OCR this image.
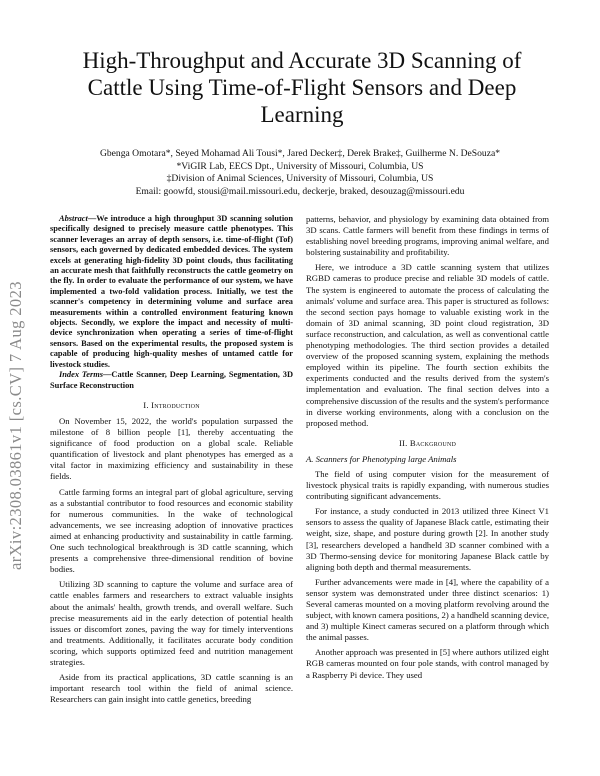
arXiv:2308.03861v1 [cs.CV] 7 Aug 2023
High-Throughput and Accurate 3D Scanning of Cattle Using Time-of-Flight Sensors and Deep Learning
Gbenga Omotara*, Seyed Mohamad Ali Tousi*, Jared Decker‡, Derek Brake‡, Guilherme N. DeSouza*
*ViGIR Lab, EECS Dpt., University of Missouri, Columbia, US
‡Division of Animal Sciences, University of Missouri, Columbia, US
Email: goowfd, stousi@mail.missouri.edu, deckerje, braked, desouzag@missouri.edu

Abstract—We introduce a high throughput 3D scanning solution specifically designed to precisely measure cattle phenotypes. This scanner leverages an array of depth sensors, i.e. time-of-flight (Tof) sensors, each governed by dedicated embedded devices. The system excels at generating high-fidelity 3D point clouds, thus facilitating an accurate mesh that faithfully reconstructs the cattle geometry on the fly. In order to evaluate the performance of our system, we have implemented a two-fold validation process. Initially, we test the scanner's competency in determining volume and surface area measurements within a controlled environment featuring known objects. Secondly, we explore the impact and necessity of multi-device synchronization when operating a series of time-of-flight sensors. Based on the experimental results, the proposed system is capable of producing high-quality meshes of untamed cattle for livestock studies.

Index Terms—Cattle Scanner, Deep Learning, Segmentation, 3D Surface Reconstruction

I. Introduction

On November 15, 2022, the world's population surpassed the milestone of 8 billion people [1], thereby accentuating the significance of food production on a global scale. Reliable quantification of livestock and plant phenotypes has emerged as a vital factor in maximizing efficiency and sustainability in these fields.

Cattle farming forms an integral part of global agriculture, serving as a substantial contributor to food resources and economic stability for numerous communities. In the wake of technological advancements, we see increasing adoption of innovative practices aimed at enhancing productivity and sustainability in cattle farming. One such technological breakthrough is 3D cattle scanning, which presents a comprehensive three-dimensional rendition of bovine bodies.

Utilizing 3D scanning to capture the volume and surface area of cattle enables farmers and researchers to extract valuable insights about the animals' health, growth trends, and overall welfare. Such precise measurements aid in the early detection of potential health issues or discomfort zones, paving the way for timely interventions and treatments. Additionally, it facilitates accurate body condition scoring, which supports optimized feed and nutrition management strategies.

Aside from its practical applications, 3D cattle scanning is an important research tool within the field of animal science. Researchers can gain insight into cattle genetics, breeding

patterns, behavior, and physiology by examining data obtained from 3D scans. Cattle farmers will benefit from these findings in terms of establishing novel breeding programs, improving animal welfare, and bolstering sustainability and profitability.

Here, we introduce a 3D cattle scanning system that utilizes RGBD cameras to produce precise and reliable 3D models of cattle. The system is engineered to automate the process of calculating the animals' volume and surface area. This paper is structured as follows: the second section pays homage to valuable existing work in the domain of 3D animal scanning, 3D point cloud registration, 3D surface reconstruction, and calculation, as well as conventional cattle phenotyping methodologies. The third section provides a detailed overview of the proposed scanning system, explaining the methods employed within its pipeline. The fourth section exhibits the experiments conducted and the results derived from the system's implementation and evaluation. The final section delves into a comprehensive discussion of the results and the system's performance in diverse working environments, along with a conclusion on the proposed method.

II. Background
A. Scanners for Phenotyping large Animals

The field of using computer vision for the measurement of livestock physical traits is rapidly expanding, with numerous studies contributing significant advancements.

For instance, a study conducted in 2013 utilized three Kinect V1 sensors to assess the quality of Japanese Black cattle, estimating their weight, size, shape, and posture during growth [2]. In another study [3], researchers developed a handheld 3D scanner combined with a 3D Thermo-sensing device for monitoring Japanese Black cattle by aligning both depth and thermal measurements.

Further advancements were made in [4], where the capability of a sensor system was demonstrated under three distinct scenarios: 1) Several cameras mounted on a moving platform revolving around the subject, with known camera positions, 2) a handheld scanning device, and 3) multiple Kinect cameras secured on a platform through which the animal passes.

Another approach was presented in [5] where authors utilized eight RGB cameras mounted on four pole stands, with control managed by a Raspberry Pi device. They used
